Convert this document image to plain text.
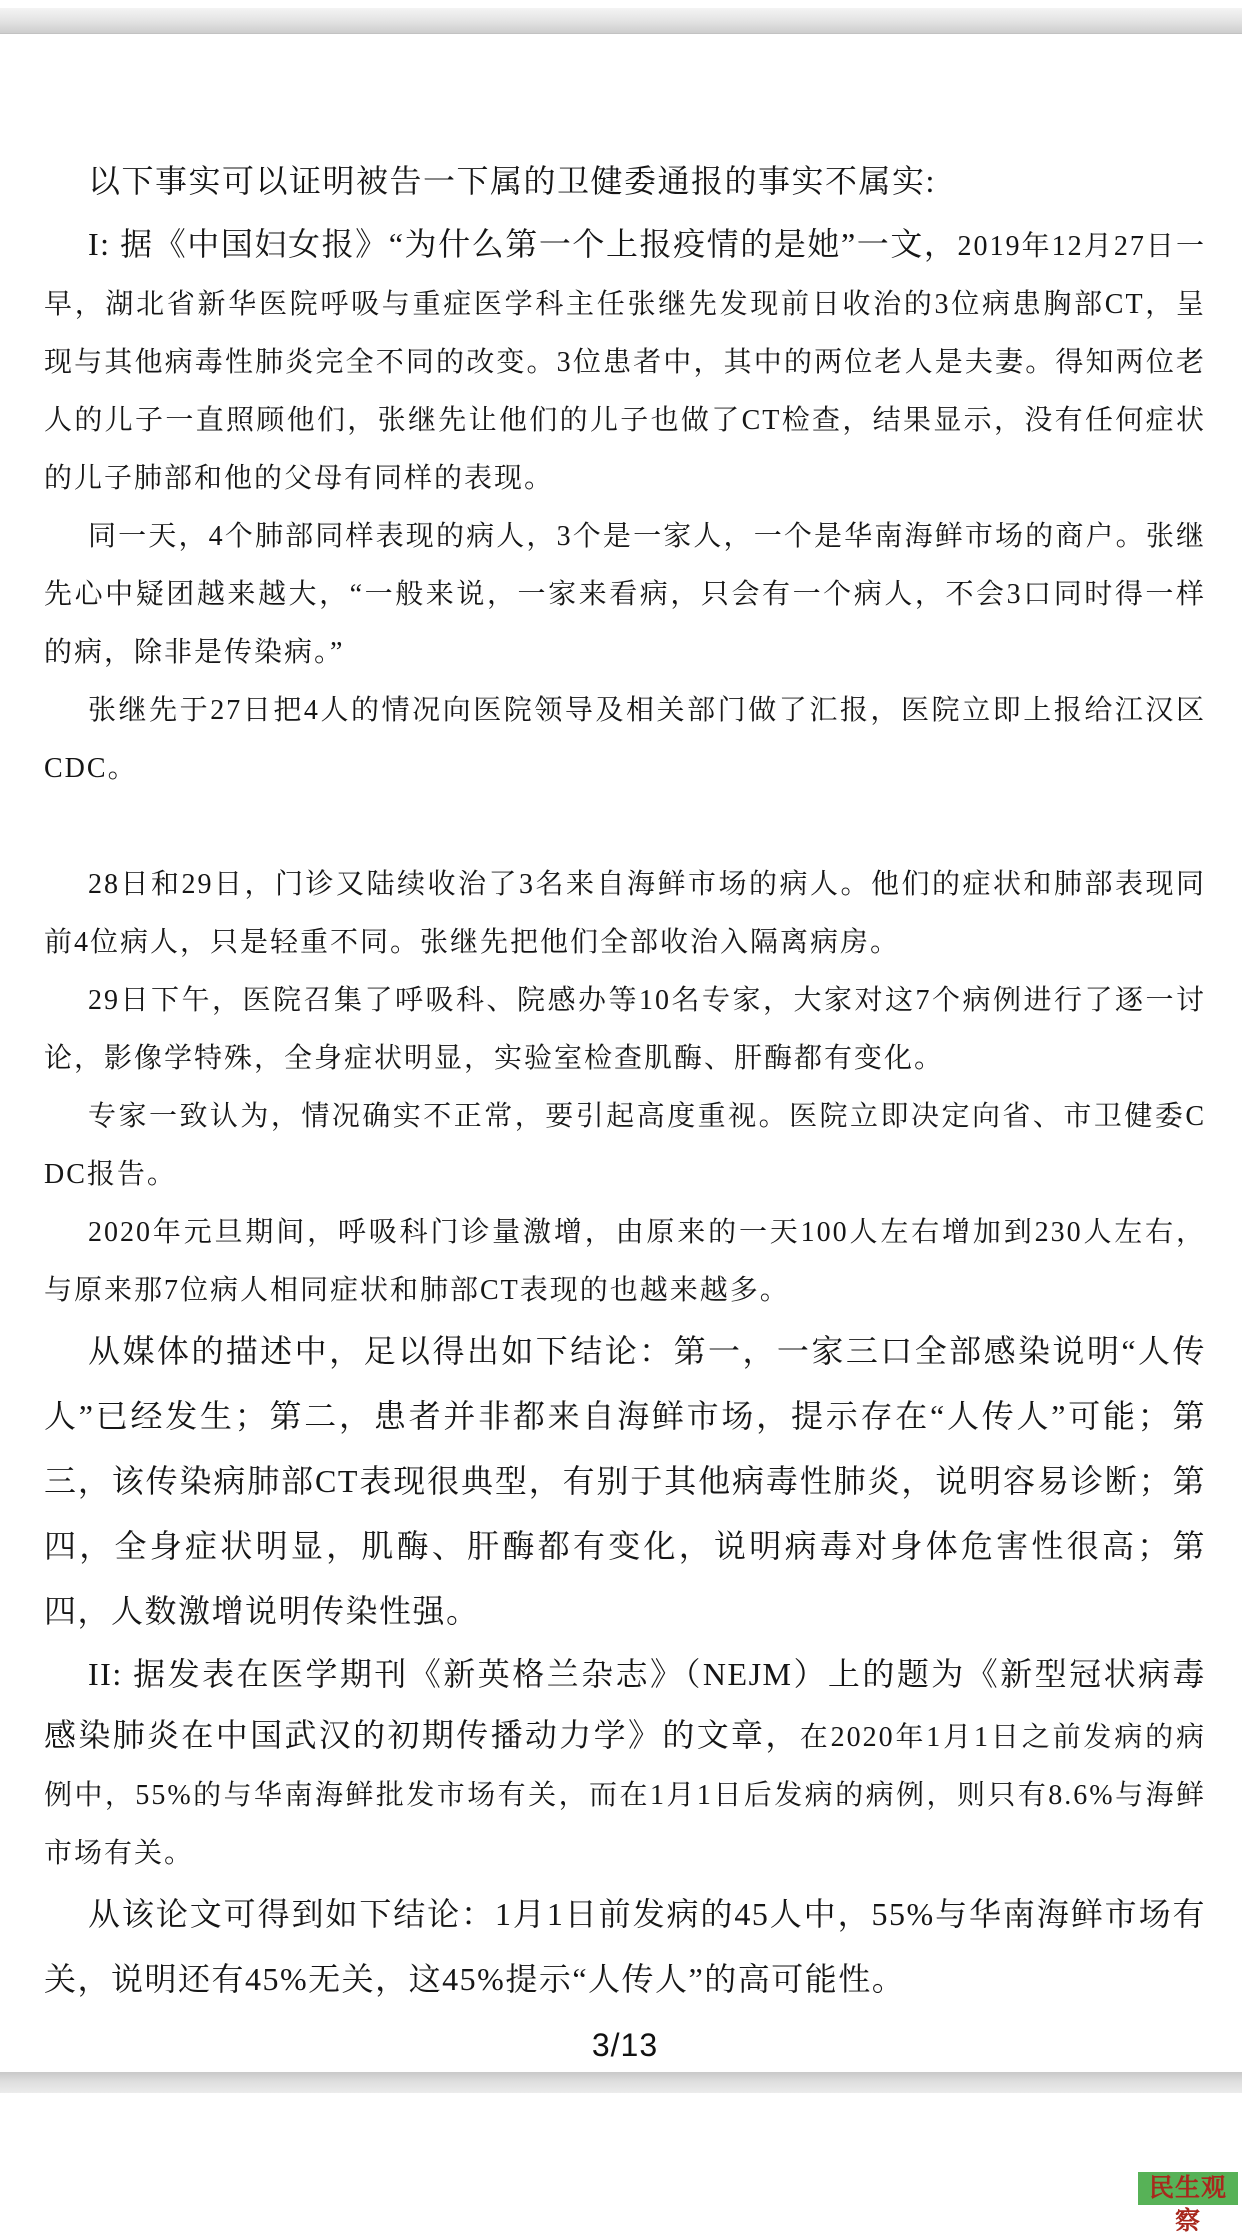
以下事实可以证明被告一下属的卫健委通报的事实不属实:

I: 据《中国妇女报》“为什么第一个上报疫情的是她”一文，2019年12月27日一早，湖北省新华医院呼吸与重症医学科主任张继先发现前日收治的3位病患胸部CT，呈现与其他病毒性肺炎完全不同的改变。3位患者中，其中的两位老人是夫妻。得知两位老人的儿子一直照顾他们，张继先让他们的儿子也做了CT检查，结果显示，没有任何症状的儿子肺部和他的父母有同样的表现。

同一天，4个肺部同样表现的病人，3个是一家人，一个是华南海鲜市场的商户。张继先心中疑团越来越大，“一般来说，一家来看病，只会有一个病人，不会3口同时得一样的病，除非是传染病。”

张继先于27日把4人的情况向医院领导及相关部门做了汇报，医院立即上报给江汉区CDC。

28日和29日，门诊又陆续收治了3名来自海鲜市场的病人。他们的症状和肺部表现同前4位病人，只是轻重不同。张继先把他们全部收治入隔离病房。

29日下午，医院召集了呼吸科、院感办等10名专家，大家对这7个病例进行了逐一讨论，影像学特殊，全身症状明显，实验室检查肌酶、肝酶都有变化。

专家一致认为，情况确实不正常，要引起高度重视。医院立即决定向省、市卫健委CDC报告。

2020年元旦期间，呼吸科门诊量激增，由原来的一天100人左右增加到230人左右，与原来那7位病人相同症状和肺部CT表现的也越来越多。

从媒体的描述中，足以得出如下结论：第一，一家三口全部感染说明“人传人”已经发生；第二，患者并非都来自海鲜市场，提示存在“人传人”可能；第三，该传染病肺部CT表现很典型，有别于其他病毒性肺炎，说明容易诊断；第四，全身症状明显，肌酶、肝酶都有变化，说明病毒对身体危害性很高；第四，人数激增说明传染性强。

II: 据发表在医学期刊《新英格兰杂志》（NEJM）上的题为《新型冠状病毒感染肺炎在中国武汉的初期传播动力学》的文章，在2020年1月1日之前发病的病例中，55%的与华南海鲜批发市场有关，而在1月1日后发病的病例，则只有8.6%与海鲜市场有关。

从该论文可得到如下结论：1月1日前发病的45人中，55%与华南海鲜市场有关，说明还有45%无关，这45%提示“人传人”的高可能性。

3/13
民生观察
